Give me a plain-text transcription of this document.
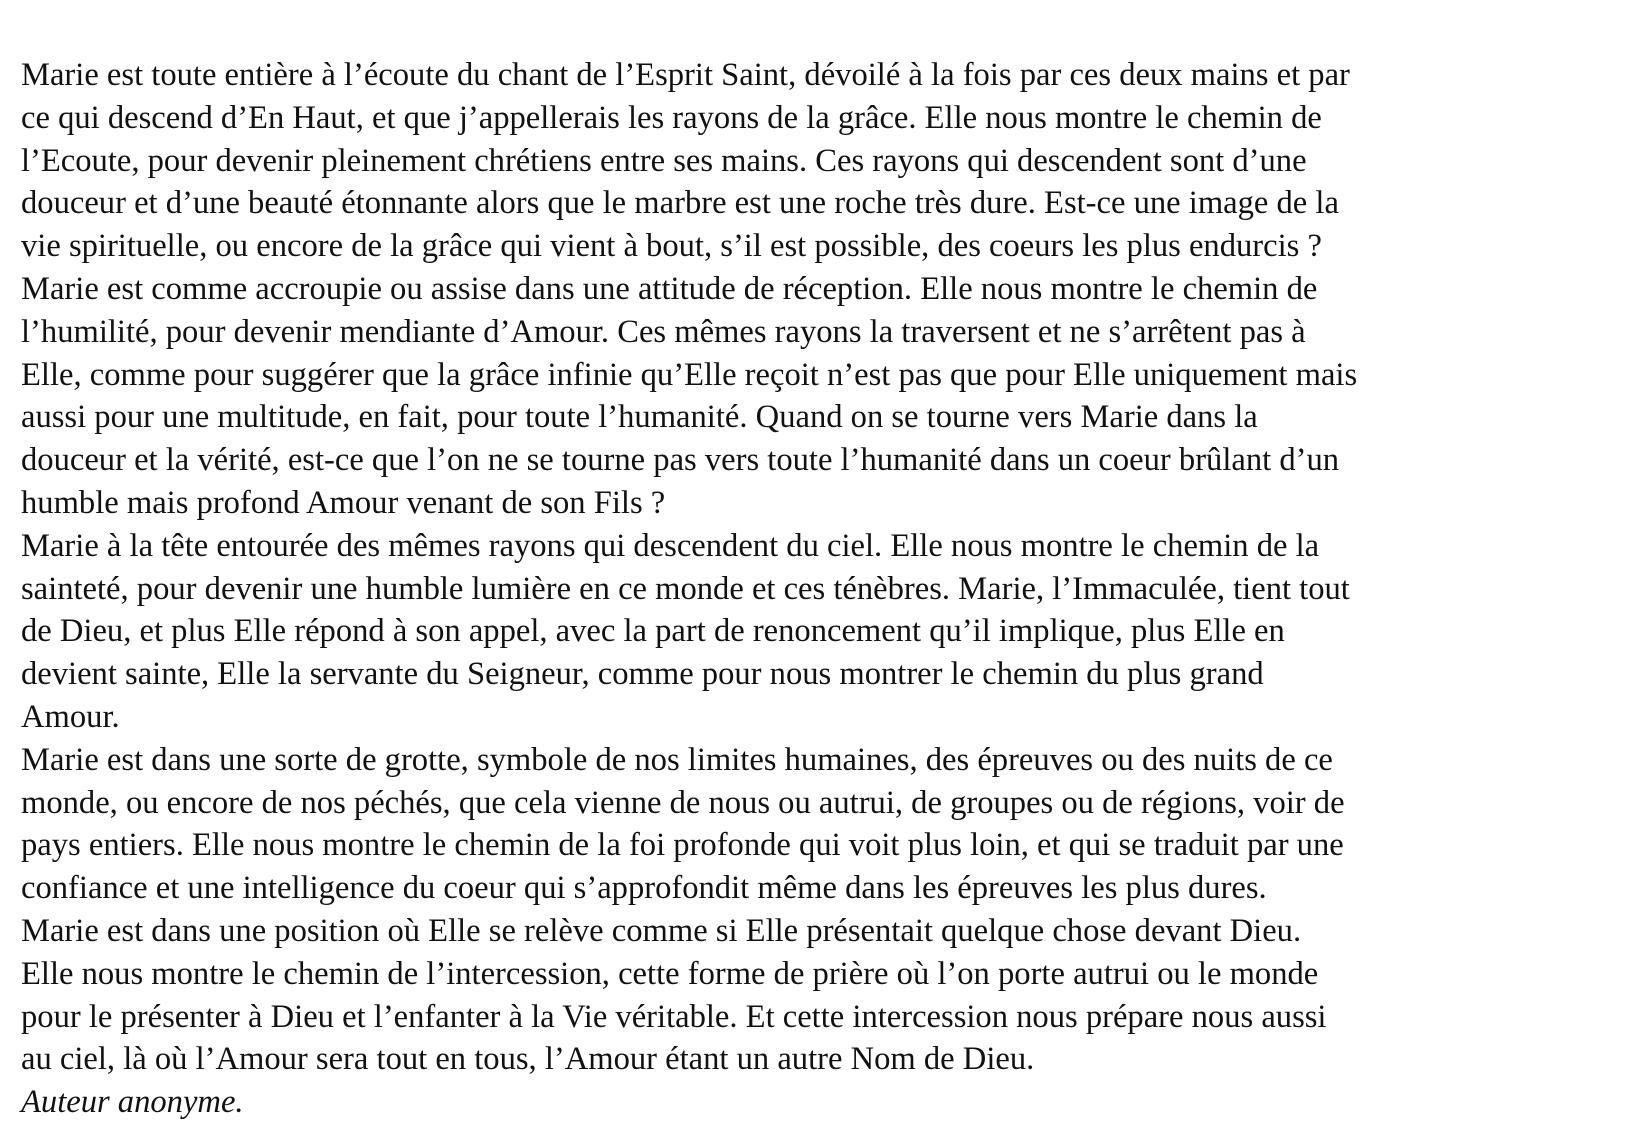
Marie est toute entière à l’écoute du chant de l’Esprit Saint, dévoilé à la fois par ces deux mains et par
ce qui descend d’En Haut, et que j’appellerais les rayons de la grâce. Elle nous montre le chemin de
l’Ecoute, pour devenir pleinement chrétiens entre ses mains. Ces rayons qui descendent sont d’une
douceur et d’une beauté étonnante alors que le marbre est une roche très dure. Est-ce une image de la
vie spirituelle, ou encore de la grâce qui vient à bout, s’il est possible, des coeurs les plus endurcis ?
Marie est comme accroupie ou assise dans une attitude de réception. Elle nous montre le chemin de
l’humilité, pour devenir mendiante d’Amour. Ces mêmes rayons la traversent et ne s’arrêtent pas à
Elle, comme pour suggérer que la grâce infinie qu’Elle reçoit n’est pas que pour Elle uniquement mais
aussi pour une multitude, en fait, pour toute l’humanité. Quand on se tourne vers Marie dans la
douceur et la vérité, est-ce que l’on ne se tourne pas vers toute l’humanité dans un coeur brûlant d’un
humble mais profond Amour venant de son Fils ?
Marie à la tête entourée des mêmes rayons qui descendent du ciel. Elle nous montre le chemin de la
sainteté, pour devenir une humble lumière en ce monde et ces ténèbres. Marie, l’Immaculée, tient tout
de Dieu, et plus Elle répond à son appel, avec la part de renoncement qu’il implique, plus Elle en
devient sainte, Elle la servante du Seigneur, comme pour nous montrer le chemin du plus grand
Amour.
Marie est dans une sorte de grotte, symbole de nos limites humaines, des épreuves ou des nuits de ce
monde, ou encore de nos péchés, que cela vienne de nous ou autrui, de groupes ou de régions, voir de
pays entiers. Elle nous montre le chemin de la foi profonde qui voit plus loin, et qui se traduit par une
confiance et une intelligence du coeur qui s’approfondit même dans les épreuves les plus dures.
Marie est dans une position où Elle se relève comme si Elle présentait quelque chose devant Dieu.
Elle nous montre le chemin de l’intercession, cette forme de prière où l’on porte autrui ou le monde
pour le présenter à Dieu et l’enfanter à la Vie véritable. Et cette intercession nous prépare nous aussi
au ciel, là où l’Amour sera tout en tous, l’Amour étant un autre Nom de Dieu.
Auteur anonyme.
